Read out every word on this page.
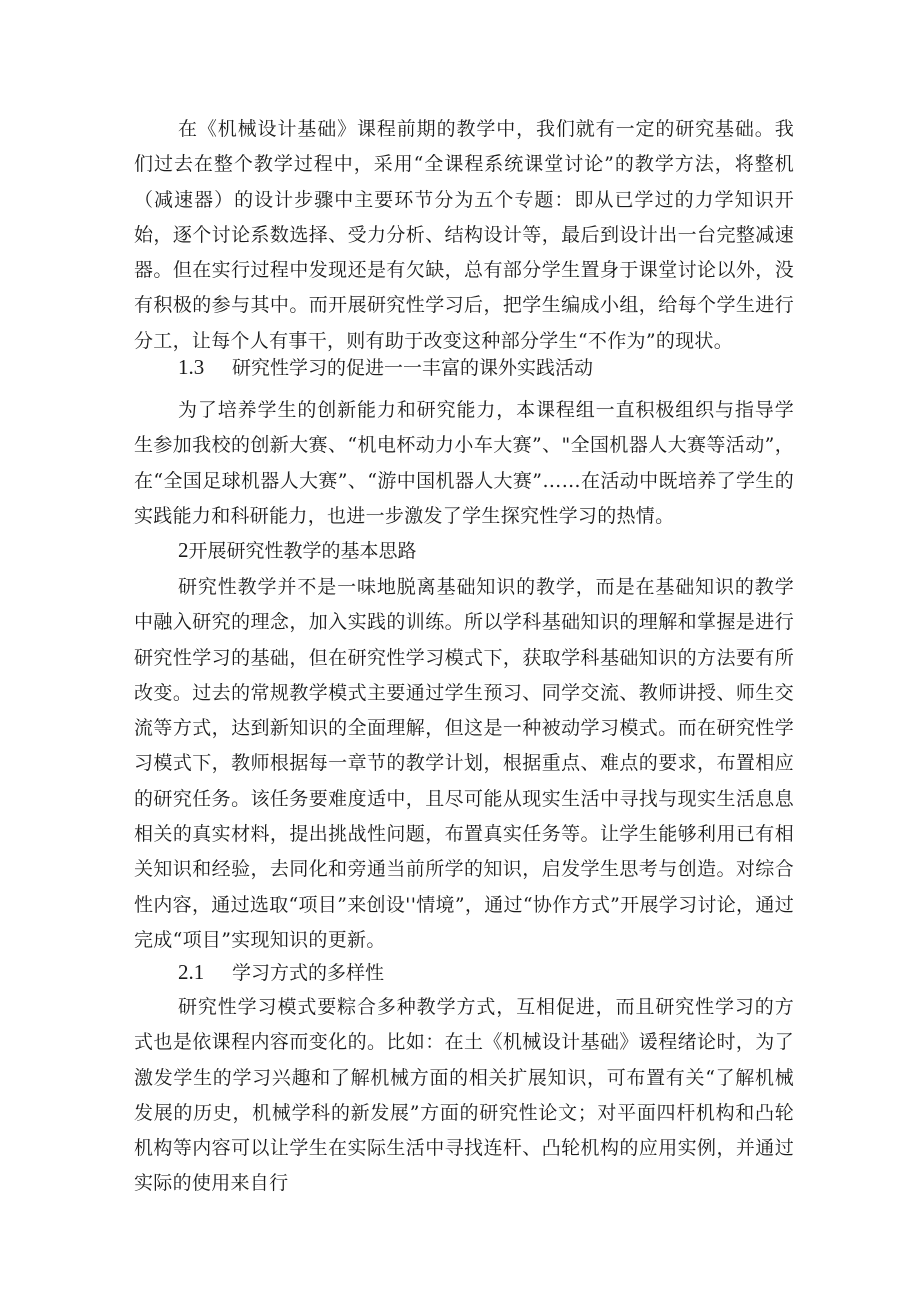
在《机械设计基础》课程前期的教学中，我们就有一定的研究基础。我们过去在整个教学过程中，采用“全课程系统课堂讨论”的教学方法，将整机（减速器）的设计步骤中主要环节分为五个专题：即从已学过的力学知识开始，逐个讨论系数选择、受力分析、结构设计等，最后到设计出一台完整减速器。但在实行过程中发现还是有欠缺，总有部分学生置身于课堂讨论以外，没有积极的参与其中。而开展研究性学习后，把学生编成小组，给每个学生进行分工，让每个人有事干，则有助于改变这种部分学生“不作为”的现状。

1.3 研究性学习的促进一一丰富的课外实践活动

为了培养学生的创新能力和研究能力，本课程组一直积极组织与指导学生参加我校的创新大赛、“机电杯动力小车大赛”、"全国机器人大赛等活动”，在“全国足球机器人大赛”、“游中国机器人大赛”……在活动中既培养了学生的实践能力和科研能力，也进一步激发了学生探究性学习的热情。

2开展研究性教学的基本思路

研究性教学并不是一味地脱离基础知识的教学，而是在基础知识的教学中融入研究的理念，加入实践的训练。所以学科基础知识的理解和掌握是进行研究性学习的基础，但在研究性学习模式下，获取学科基础知识的方法要有所改变。过去的常规教学模式主要通过学生预习、同学交流、教师讲授、师生交流等方式，达到新知识的全面理解，但这是一种被动学习模式。而在研究性学习模式下，教师根据每一章节的教学计划，根据重点、难点的要求，布置相应的研究任务。该任务要难度适中，且尽可能从现实生活中寻找与现实生活息息相关的真实材料，提出挑战性问题，布置真实任务等。让学生能够利用已有相关知识和经验，去同化和旁通当前所学的知识，启发学生思考与创造。对综合性内容，通过选取“项目”来创设''情境”，通过“协作方式”开展学习讨论，通过完成“项目”实现知识的更新。

2.1 学习方式的多样性

研究性学习模式要粽合多种教学方式，互相促进，而且研究性学习的方式也是依课程内容而变化的。比如：在土《机械设计基础》谖程绪论时，为了激发学生的学习兴趣和了解机械方面的相关扩展知识，可布置有关“了解机械发展的历史，机械学科的新发展”方面的研究性论文；对平面四杆机构和凸轮机构等内容可以让学生在实际生活中寻找连杆、凸轮机构的应用实例，并通过实际的使用来自行
